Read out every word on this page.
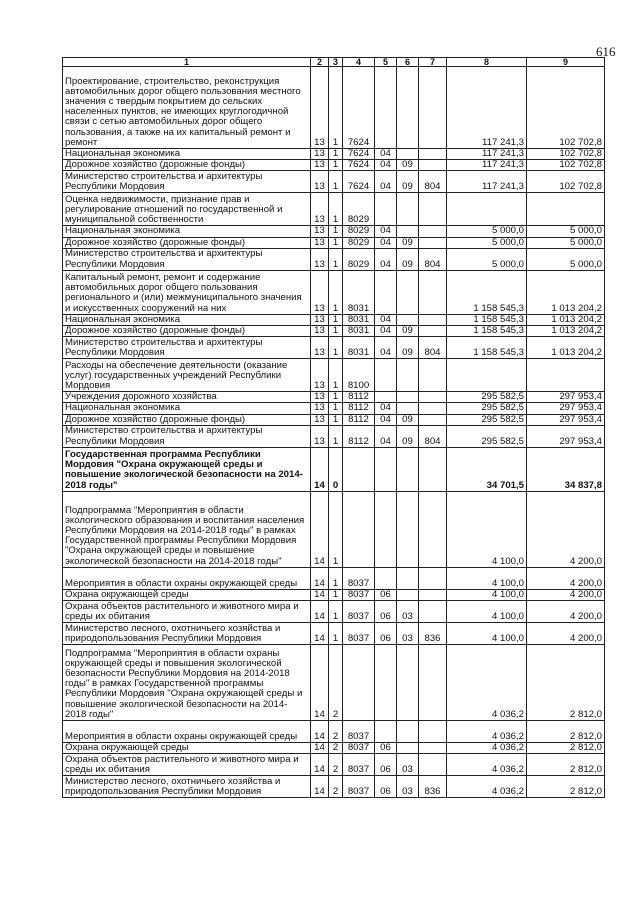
616
1	2	3	4	5	6	7	8	9
Проектирование, строительство, реконструкция автомобильных дорог общего пользования местного значения с твердым покрытием до сельских населенных пунктов, не имеющих круглогодичной связи с сетью автомобильных дорог общего пользования, а также на их капитальный ремонт и ремонт	13	1	7624				117 241,3	102 702,8
Национальная экономика	13	1	7624	04			117 241,3	102 702,8
Дорожное хозяйство (дорожные фонды)	13	1	7624	04	09		117 241,3	102 702,8
Министерство строительства и архитектуры Республики Мордовия	13	1	7624	04	09	804	117 241,3	102 702,8
Оценка недвижимости, признание прав и регулирование отношений по государственной и муниципальной собственности	13	1	8029					
Национальная экономика	13	1	8029	04			5 000,0	5 000,0
Дорожное хозяйство (дорожные фонды)	13	1	8029	04	09		5 000,0	5 000,0
Министерство строительства и архитектуры Республики Мордовия	13	1	8029	04	09	804	5 000,0	5 000,0
Капитальный ремонт, ремонт и содержание автомобильных дорог общего пользования регионального и (или) межмуниципального значения и искусственных сооружений на них	13	1	8031				1 158 545,3	1 013 204,2
Национальная экономика	13	1	8031	04			1 158 545,3	1 013 204,2
Дорожное хозяйство (дорожные фонды)	13	1	8031	04	09		1 158 545,3	1 013 204,2
Министерство строительства и архитектуры Республики Мордовия	13	1	8031	04	09	804	1 158 545,3	1 013 204,2
Расходы на обеспечение деятельности (оказание услуг) государственных учреждений Республики Мордовия	13	1	8100					
Учреждения дорожного хозяйства	13	1	8112				295 582,5	297 953,4
Национальная экономика	13	1	8112	04			295 582,5	297 953,4
Дорожное хозяйство (дорожные фонды)	13	1	8112	04	09		295 582,5	297 953,4
Министерство строительства и архитектуры Республики Мордовия	13	1	8112	04	09	804	295 582,5	297 953,4
Государственная программа Республики Мордовия "Охрана окружающей среды и повышение экологической безопасности на 2014-2018 годы"	14	0					34 701,5	34 837,8
Подпрограмма "Мероприятия в области экологического образования и воспитания населения Республики Мордовия на 2014-2018 годы" в рамках Государственной программы Республики Мордовия "Охрана окружающей среды и повышение экологической безопасности на 2014-2018 годы"	14	1					4 100,0	4 200,0
Мероприятия в области охраны окружающей среды	14	1	8037				4 100,0	4 200,0
Охрана окружающей среды	14	1	8037	06			4 100,0	4 200,0
Охрана объектов растительного и животного мира и среды их обитания	14	1	8037	06	03		4 100,0	4 200,0
Министерство лесного, охотничьего хозяйства и природопользования Республики Мордовия	14	1	8037	06	03	836	4 100,0	4 200,0
Подпрограмма "Мероприятия в области охраны окружающей среды и повышения экологической безопасности Республики Мордовия на 2014-2018 годы" в рамках Государственной программы Республики Мордовия "Охрана окружающей среды и повышение экологической безопасности на 2014-2018 годы"	14	2					4 036,2	2 812,0
Мероприятия в области охраны окружающей среды	14	2	8037				4 036,2	2 812,0
Охрана окружающей среды	14	2	8037	06			4 036,2	2 812,0
Охрана объектов растительного и животного мира и среды их обитания	14	2	8037	06	03		4 036,2	2 812,0
Министерство лесного, охотничьего хозяйства и природопользования Республики Мордовия	14	2	8037	06	03	836	4 036,2	2 812,0
